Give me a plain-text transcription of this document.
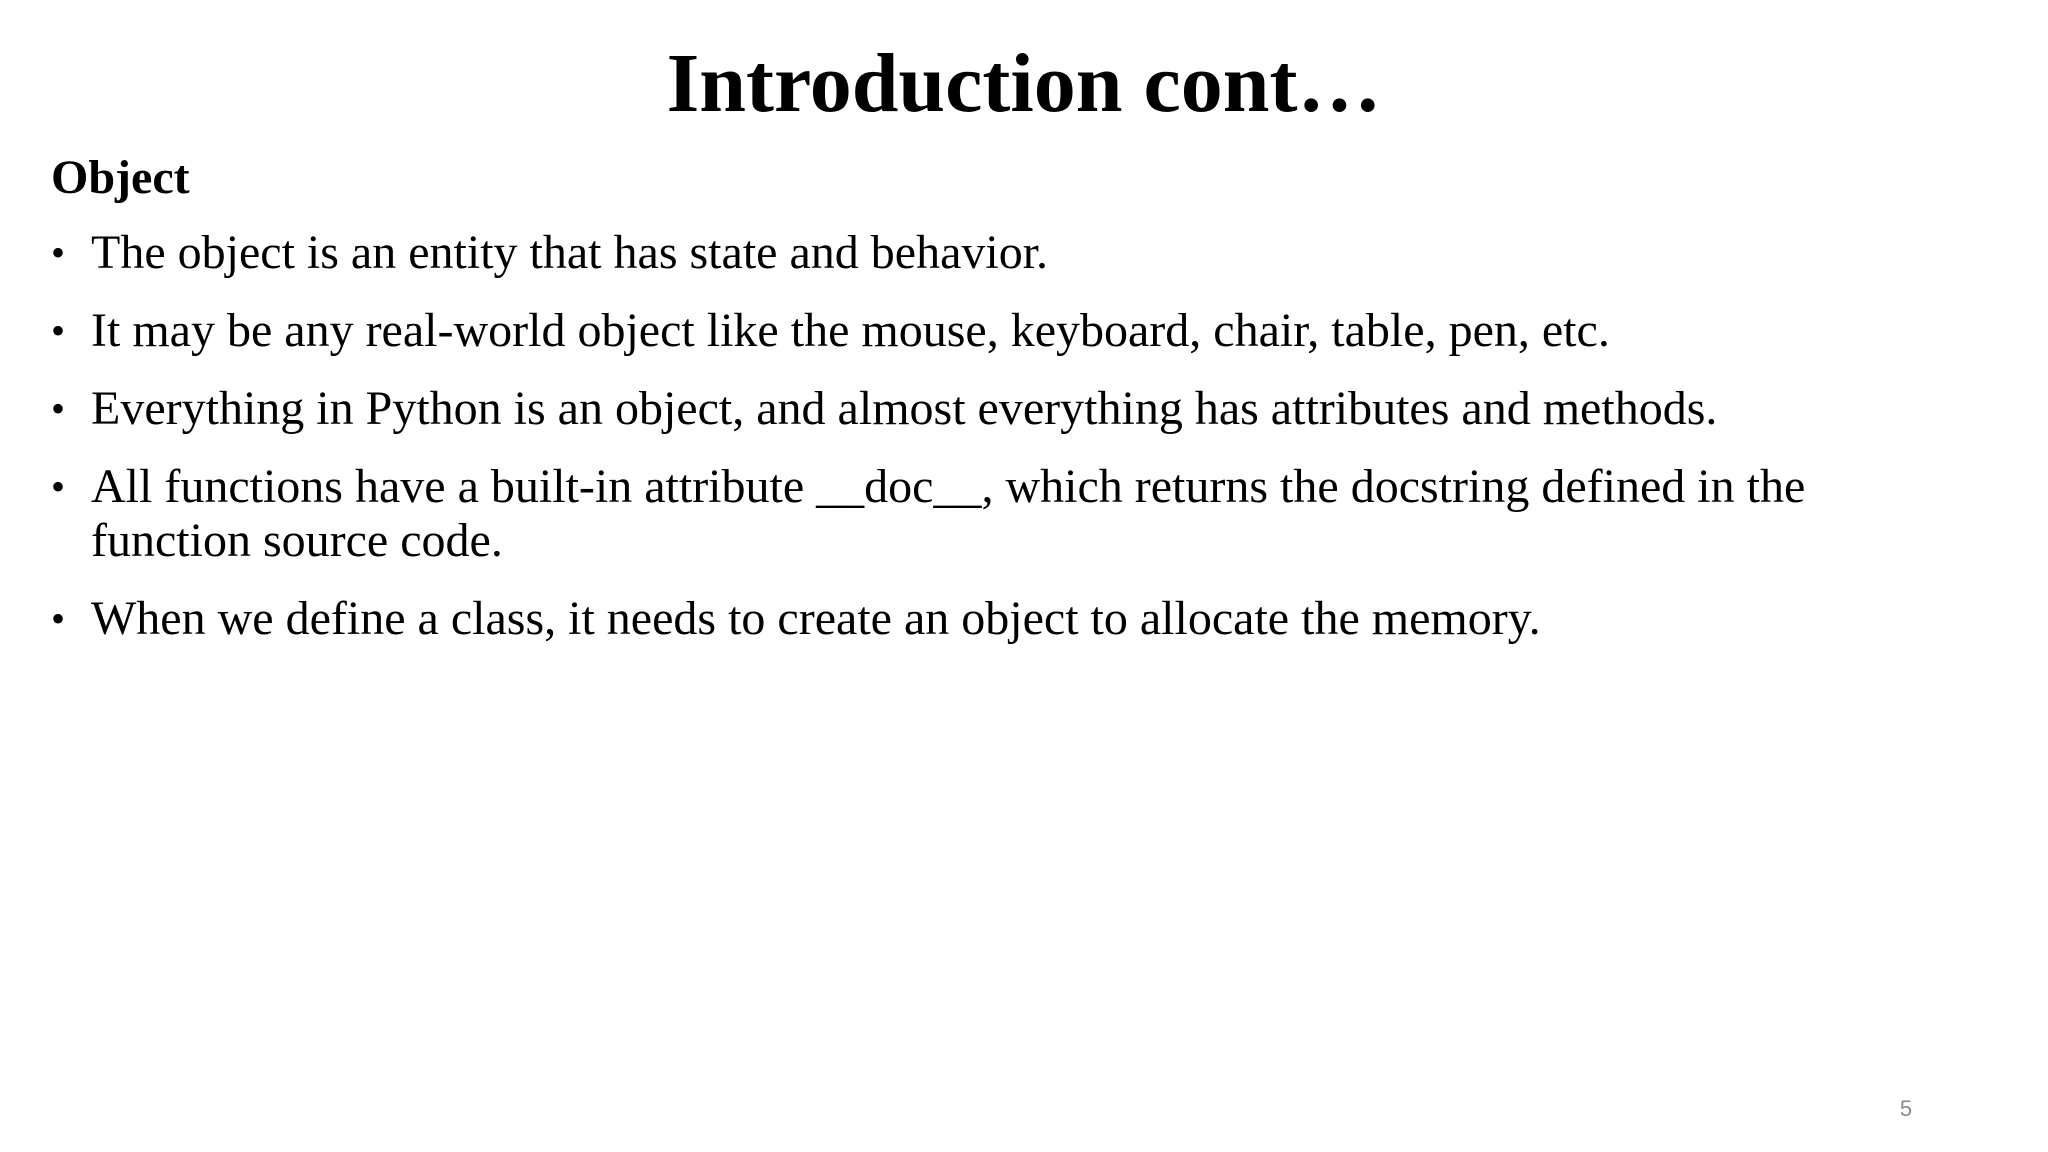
Introduction cont…
Object
• The object is an entity that has state and behavior.
• It may be any real-world object like the mouse, keyboard, chair, table, pen, etc.
• Everything in Python is an object, and almost everything has attributes and methods.
• All functions have a built-in attribute __doc__, which returns the docstring defined in the function source code.
• When we define a class, it needs to create an object to allocate the memory.
5
